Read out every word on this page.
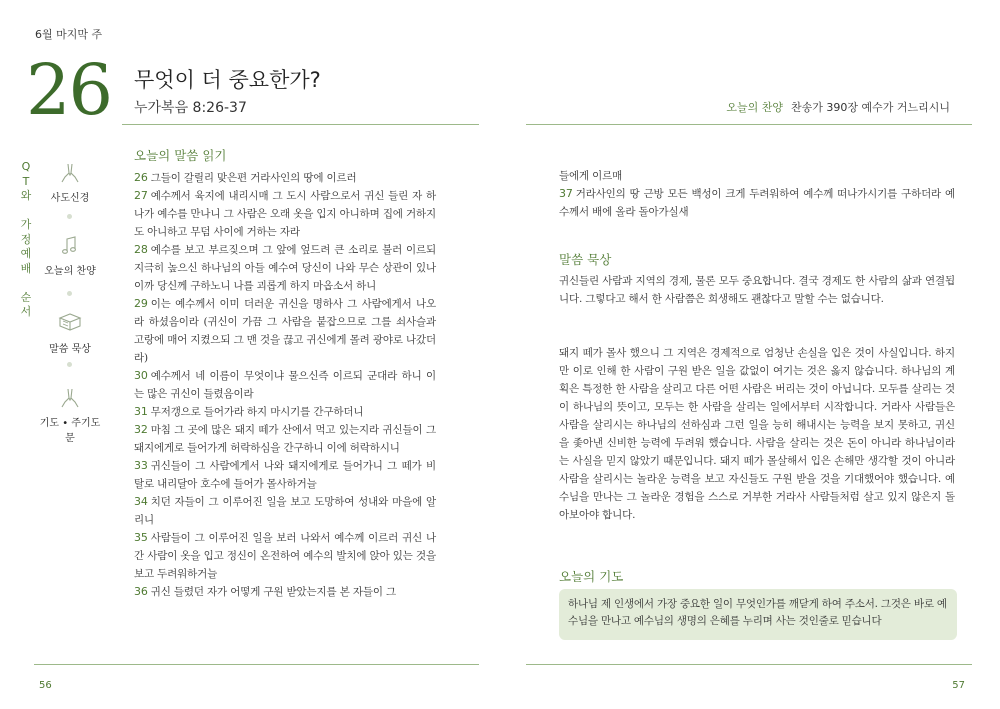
6월 마지막 주
26 무엇이 더 중요한가?
누가복음 8:26-37	오늘의 찬양 찬송가 390장 예수가 거느리시니
Q
T
와
가
정
예
배
순
서
사도신경
오늘의 찬양
말씀 묵상
기도 • 주기도문
오늘의 말씀 읽기
26 그들이 갈릴리 맞은편 거라사인의 땅에 이르러
27 예수께서 육지에 내리시매 그 도시 사람으로서 귀신 들린 자 하나가 예수를 만나니 그 사람은 오래 옷을 입지 아니하며 집에 거하지도 아니하고 무덤 사이에 거하는 자라
28 예수를 보고 부르짖으며 그 앞에 엎드려 큰 소리로 불러 이르되 지극히 높으신 하나님의 아들 예수여 당신이 나와 무슨 상관이 있나이까 당신께 구하노니 나를 괴롭게 하지 마옵소서 하니
29 이는 예수께서 이미 더러운 귀신을 명하사 그 사람에게서 나오라 하셨음이라 (귀신이 가끔 그 사람을 붙잡으므로 그를 쇠사슬과 고랑에 매어 지켰으되 그 맨 것을 끊고 귀신에게 몰려 광야로 나갔더라)
30 예수께서 네 이름이 무엇이냐 물으신즉 이르되 군대라 하니 이는 많은 귀신이 들렸음이라
31 무저갱으로 들어가라 하지 마시기를 간구하더니
32 마침 그 곳에 많은 돼지 떼가 산에서 먹고 있는지라 귀신들이 그 돼지에게로 들어가게 허락하심을 간구하니 이에 허락하시니
33 귀신들이 그 사람에게서 나와 돼지에게로 들어가니 그 떼가 비탈로 내리달아 호수에 들어가 몰사하거늘
34 치던 자들이 그 이루어진 일을 보고 도망하여 성내와 마을에 알리니
35 사람들이 그 이루어진 일을 보러 나와서 예수께 이르러 귀신 나간 사람이 옷을 입고 정신이 온전하여 예수의 발치에 앉아 있는 것을 보고 두려워하거늘
36 귀신 들렸던 자가 어떻게 구원 받았는지를 본 자들이 그
들에게 이르매
37 거라사인의 땅 근방 모든 백성이 크게 두려워하여 예수께 떠나가시기를 구하더라 예수께서 배에 올라 돌아가실새
말씀 묵상
귀신들린 사람과 지역의 경제, 물론 모두 중요합니다. 결국 경제도 한 사람의 삶과 연결됩니다. 그렇다고 해서 한 사람쯤은 희생해도 괜찮다고 말할 수는 없습니다.
돼지 떼가 몰사 했으니 그 지역은 경제적으로 엄청난 손실을 입은 것이 사실입니다. 하지만 이로 인해 한 사람이 구원 받은 일을 값없이 여기는 것은 옳지 않습니다. 하나님의 계획은 특정한 한 사람을 살리고 다른 어떤 사람은 버리는 것이 아닙니다. 모두를 살리는 것이 하나님의 뜻이고, 모두는 한 사람을 살리는 일에서부터 시작합니다. 거라사 사람들은 사람을 살리시는 하나님의 선하심과 그런 일을 능히 해내시는 능력을 보지 못하고, 귀신을 좇아낸 신비한 능력에 두려워 했습니다. 사람을 살리는 것은 돈이 아니라 하나님이라는 사실을 믿지 않았기 때문입니다. 돼지 떼가 몰살해서 입은 손해만 생각할 것이 아니라 사람을 살리시는 놀라운 능력을 보고 자신들도 구원 받을 것을 기대했어야 했습니다. 예수님을 만나는 그 놀라운 경험을 스스로 거부한 거라사 사람들처럼 살고 있지 않은지 돌아보아야 합니다.
오늘의 기도
하나님 제 인생에서 가장 중요한 일이 무엇인가를 깨닫게 하여 주소서. 그것은 바로 예수님을 만나고 예수님의 생명의 은혜를 누리며 사는 것인줄로 믿습니다
56	57
